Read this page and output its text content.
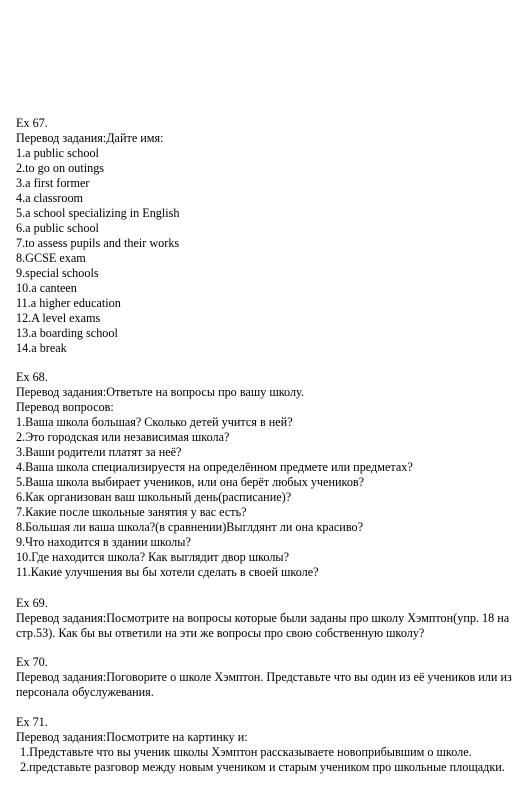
Ex 67.

Перевод задания:Дайте имя:

1.a public school

2.to go on outings

3.a first former

4.a classroom

5.a school specializing in English

6.a public school

7.to assess pupils and their works

8.GCSE exam

9.special schools

10.a canteen

11.a higher education

12.A level exams

13.a boarding school

14.a break

Ex 68.

Перевод задания:Ответьте на вопросы про вашу школу.

Перевод вопросов:

1.Ваша школа большая? Сколько детей учится в ней?

2.Это городская или независимая школа?

3.Ваши родители платят за неё?

4.Ваша школа специализируестя на определённом предмете или предметах?

5.Ваша школа выбирает учеников, или она берёт любых учеников?

6.Как организован ваш школьный день(расписание)?

7.Какие после школьные занятия у вас есть?

8.Большая ли ваша школа?(в сравнении)Выглдянт ли она красиво?

9.Что находится в здании школы?

10.Где находится школа? Как выглядит двор школы?

11.Какие улучшения вы бы хотели сделать в своей школе?

Ex 69.

Перевод задания:Посмотрите на вопросы которые были заданы про школу Хэмптон(упр. 18 на стр.53). Как бы вы ответили на эти же вопросы про свою собственную школу?

Ex 70.

Перевод задания:Поговорите о школе Хэмптон. Представьте что вы один из её учеников или из персонала обуслужевания.

Ex 71.

Перевод задания:Посмотрите на картинку и:

1.Представьте что вы ученик школы Хэмптон рассказываете новоприбывшим о школе.

2.представьте разговор между новым учеником и старым учеником про школьные площадки.
